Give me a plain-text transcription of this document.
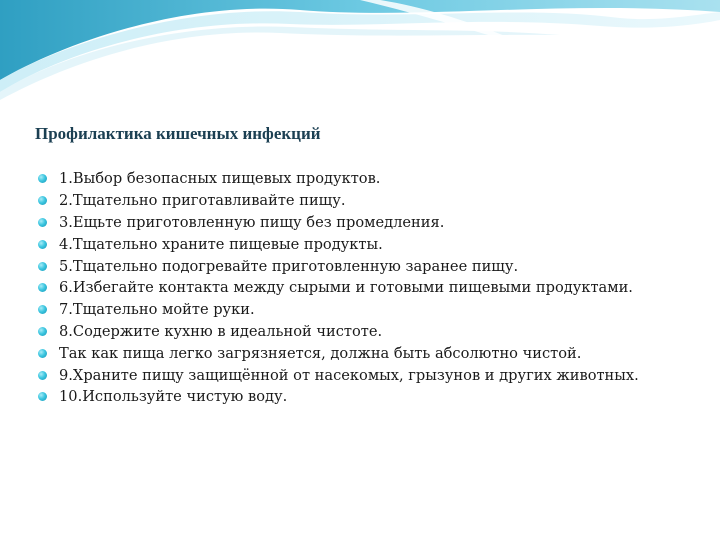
Профилактика кишечных инфекций
1.Выбор безопасных пищевых продуктов.
2.Тщательно приготавливайте пищу.
3.Ещьте приготовленную пищу без промедления.
4.Тщательно храните пищевые продукты.
5.Тщательно подогревайте приготовленную заранее пищу.
6.Избегайте контакта между сырыми и готовыми пищевыми продуктами.
7.Тщательно мойте руки.
8.Содержите кухню в идеальной чистоте.
Так как пища легко загрязняется, должна быть абсолютно чистой.
9.Храните пищу защищённой от насекомых, грызунов и других животных.
10.Используйте чистую воду.
